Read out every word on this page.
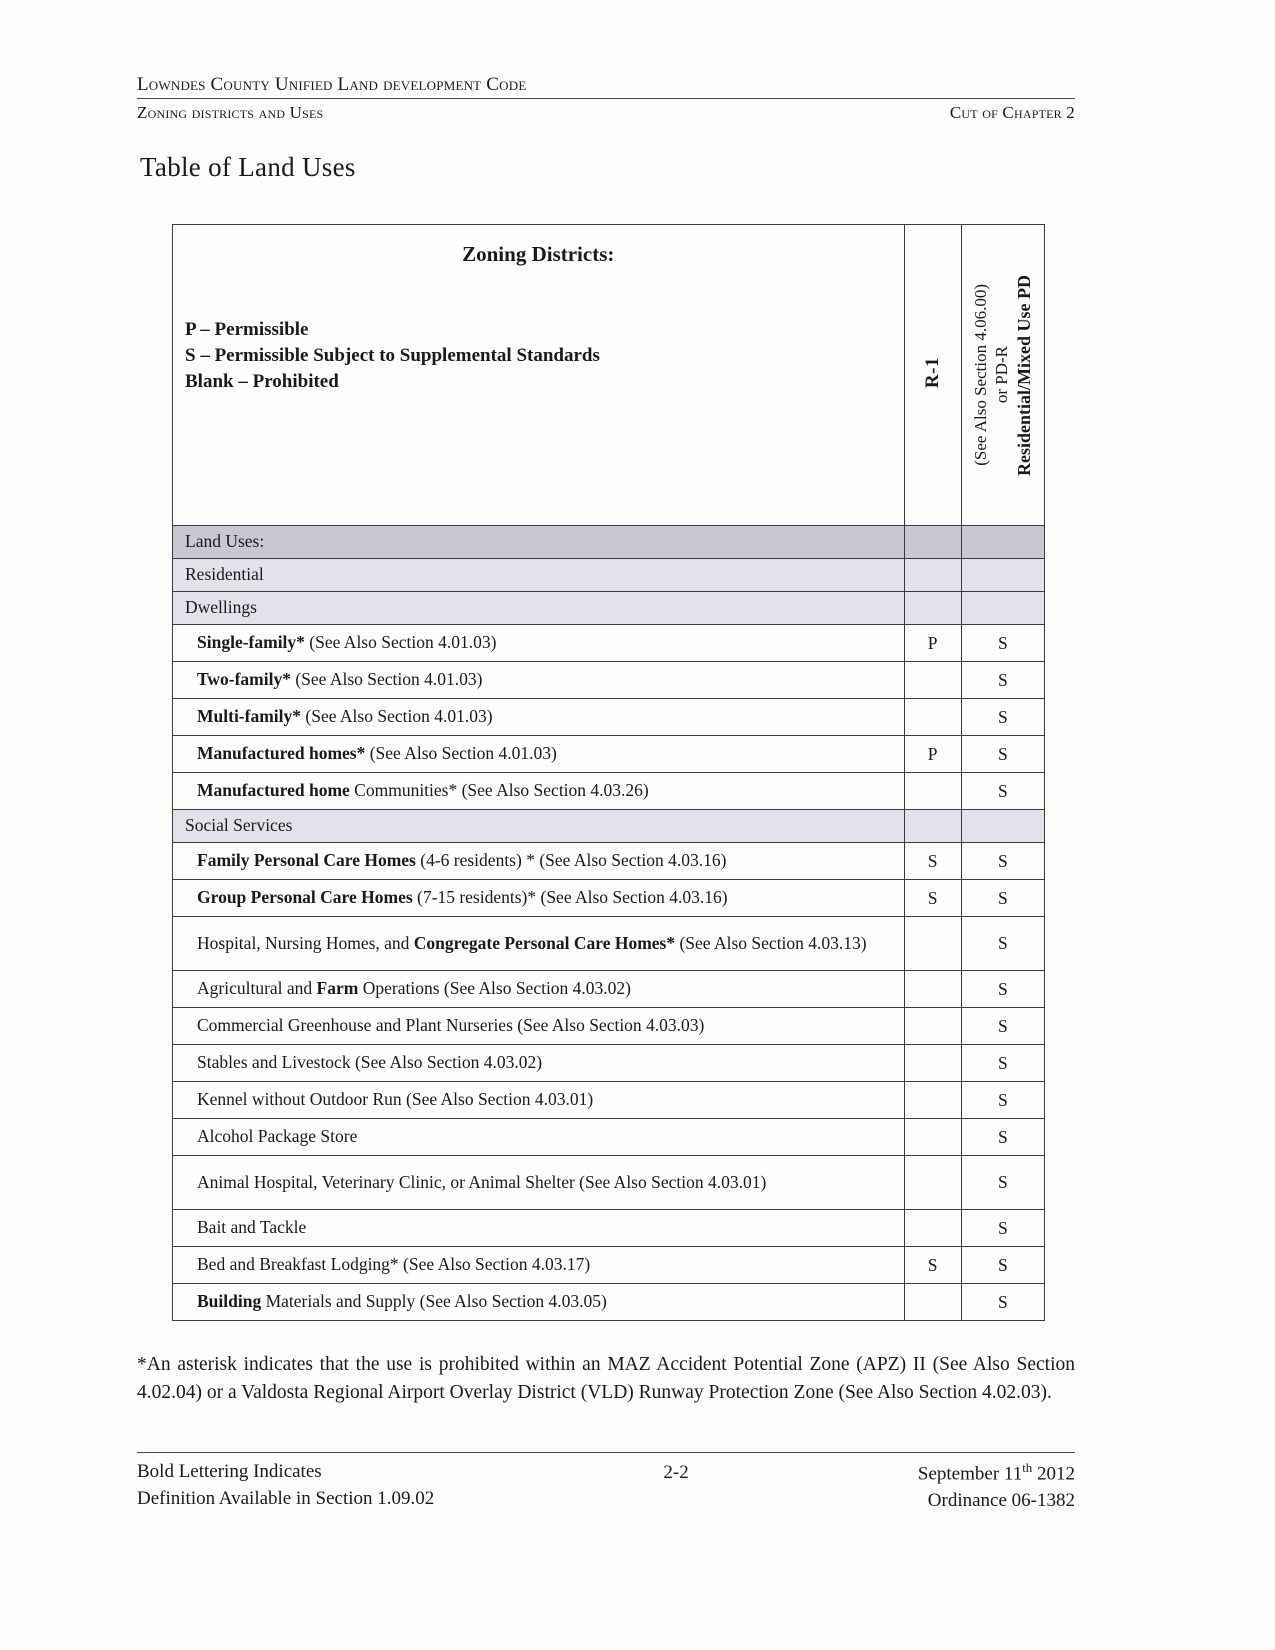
Lowndes County Unified Land development Code
Zoning districts and Uses	Cut of Chapter 2
Table of Land Uses
Zoning Districts:
P – Permissible
S – Permissible Subject to Supplemental Standards
Blank – Prohibited	R-1	(See Also Section 4.06.00) or PD-R Residential/Mixed Use PD

Land Uses:		
Residential		
Dwellings		
Single-family* (See Also Section 4.01.03)	P	S
Two-family* (See Also Section 4.01.03)		S
Multi-family* (See Also Section 4.01.03)		S
Manufactured homes* (See Also Section 4.01.03)	P	S
Manufactured home Communities* (See Also Section 4.03.26)		S
Social Services		
Family Personal Care Homes (4-6 residents) * (See Also Section 4.03.16)	S	S
Group Personal Care Homes (7-15 residents)* (See Also Section 4.03.16)	S	S
Hospital, Nursing Homes, and Congregate Personal Care Homes* (See Also Section 4.03.13)		S
Agricultural and Farm Operations (See Also Section 4.03.02)		S
Commercial Greenhouse and Plant Nurseries (See Also Section 4.03.03)		S
Stables and Livestock (See Also Section 4.03.02)		S
Kennel without Outdoor Run (See Also Section 4.03.01)		S
Alcohol Package Store		S
Animal Hospital, Veterinary Clinic, or Animal Shelter (See Also Section 4.03.01)		S
Bait and Tackle		S
Bed and Breakfast Lodging* (See Also Section 4.03.17)	S	S
Building Materials and Supply (See Also Section 4.03.05)		S
*An asterisk indicates that the use is prohibited within an MAZ Accident Potential Zone (APZ) II (See Also Section 4.02.04) or a Valdosta Regional Airport Overlay District (VLD) Runway Protection Zone (See Also Section 4.02.03).
Bold Lettering Indicates
Definition Available in Section 1.09.02
2-2	September 11th 2012
Ordinance 06-1382
